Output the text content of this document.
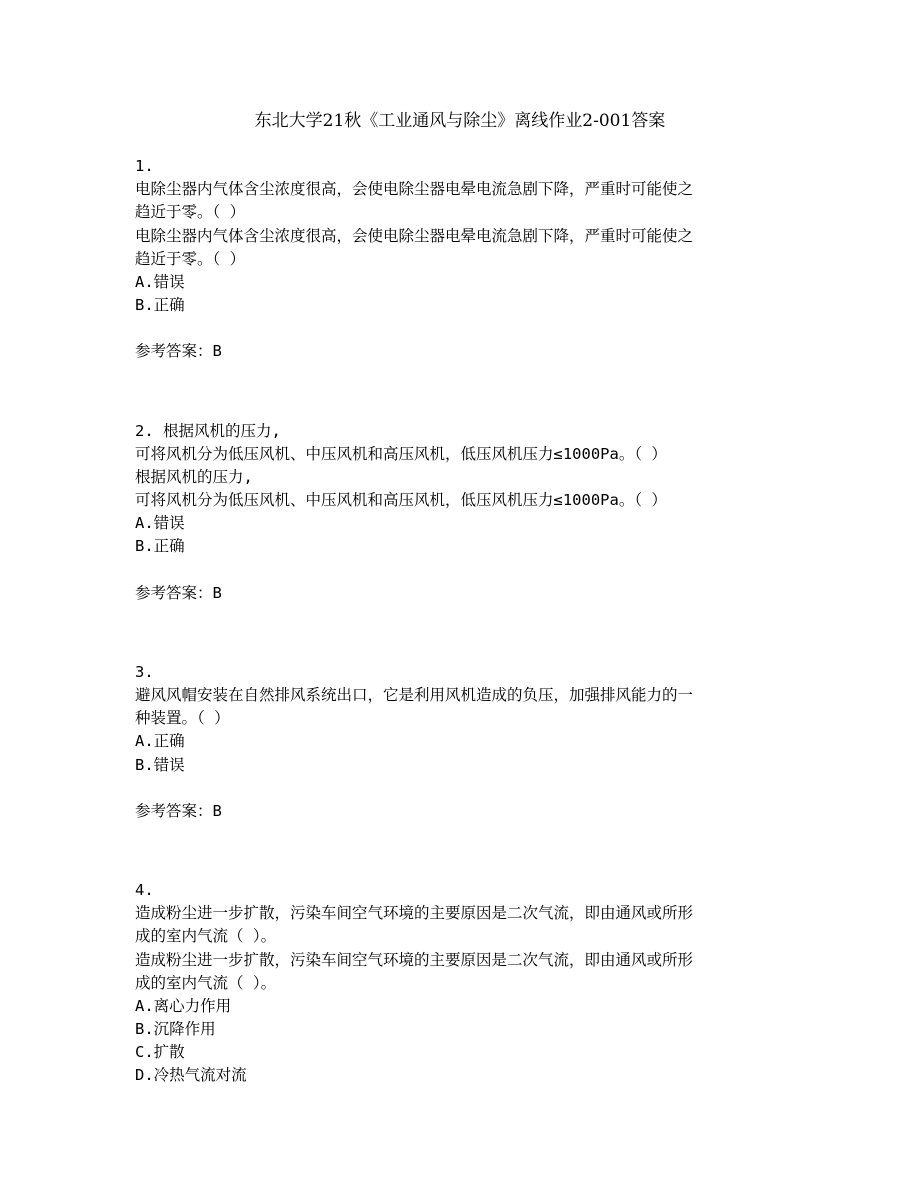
东北大学21秋《工业通风与除尘》离线作业2-001答案
1.
电除尘器内气体含尘浓度很高，会使电除尘器电晕电流急剧下降，严重时可能使之
趋近于零。（ ）
电除尘器内气体含尘浓度很高，会使电除尘器电晕电流急剧下降，严重时可能使之
趋近于零。（ ）
A.错误
B.正确
参考答案：B
2. 根据风机的压力,
可将风机分为低压风机、中压风机和高压风机，低压风机压力≤1000Pa。（ ）
根据风机的压力,
可将风机分为低压风机、中压风机和高压风机，低压风机压力≤1000Pa。（ ）
A.错误
B.正确
参考答案：B
3.
避风风帽安装在自然排风系统出口，它是利用风机造成的负压，加强排风能力的一
种装置。（ ）
A.正确
B.错误
参考答案：B
4.
造成粉尘进一步扩散，污染车间空气环境的主要原因是二次气流，即由通风或所形
成的室内气流（ ）。
造成粉尘进一步扩散，污染车间空气环境的主要原因是二次气流，即由通风或所形
成的室内气流（ ）。
A.离心力作用
B.沉降作用
C.扩散
D.冷热气流对流
